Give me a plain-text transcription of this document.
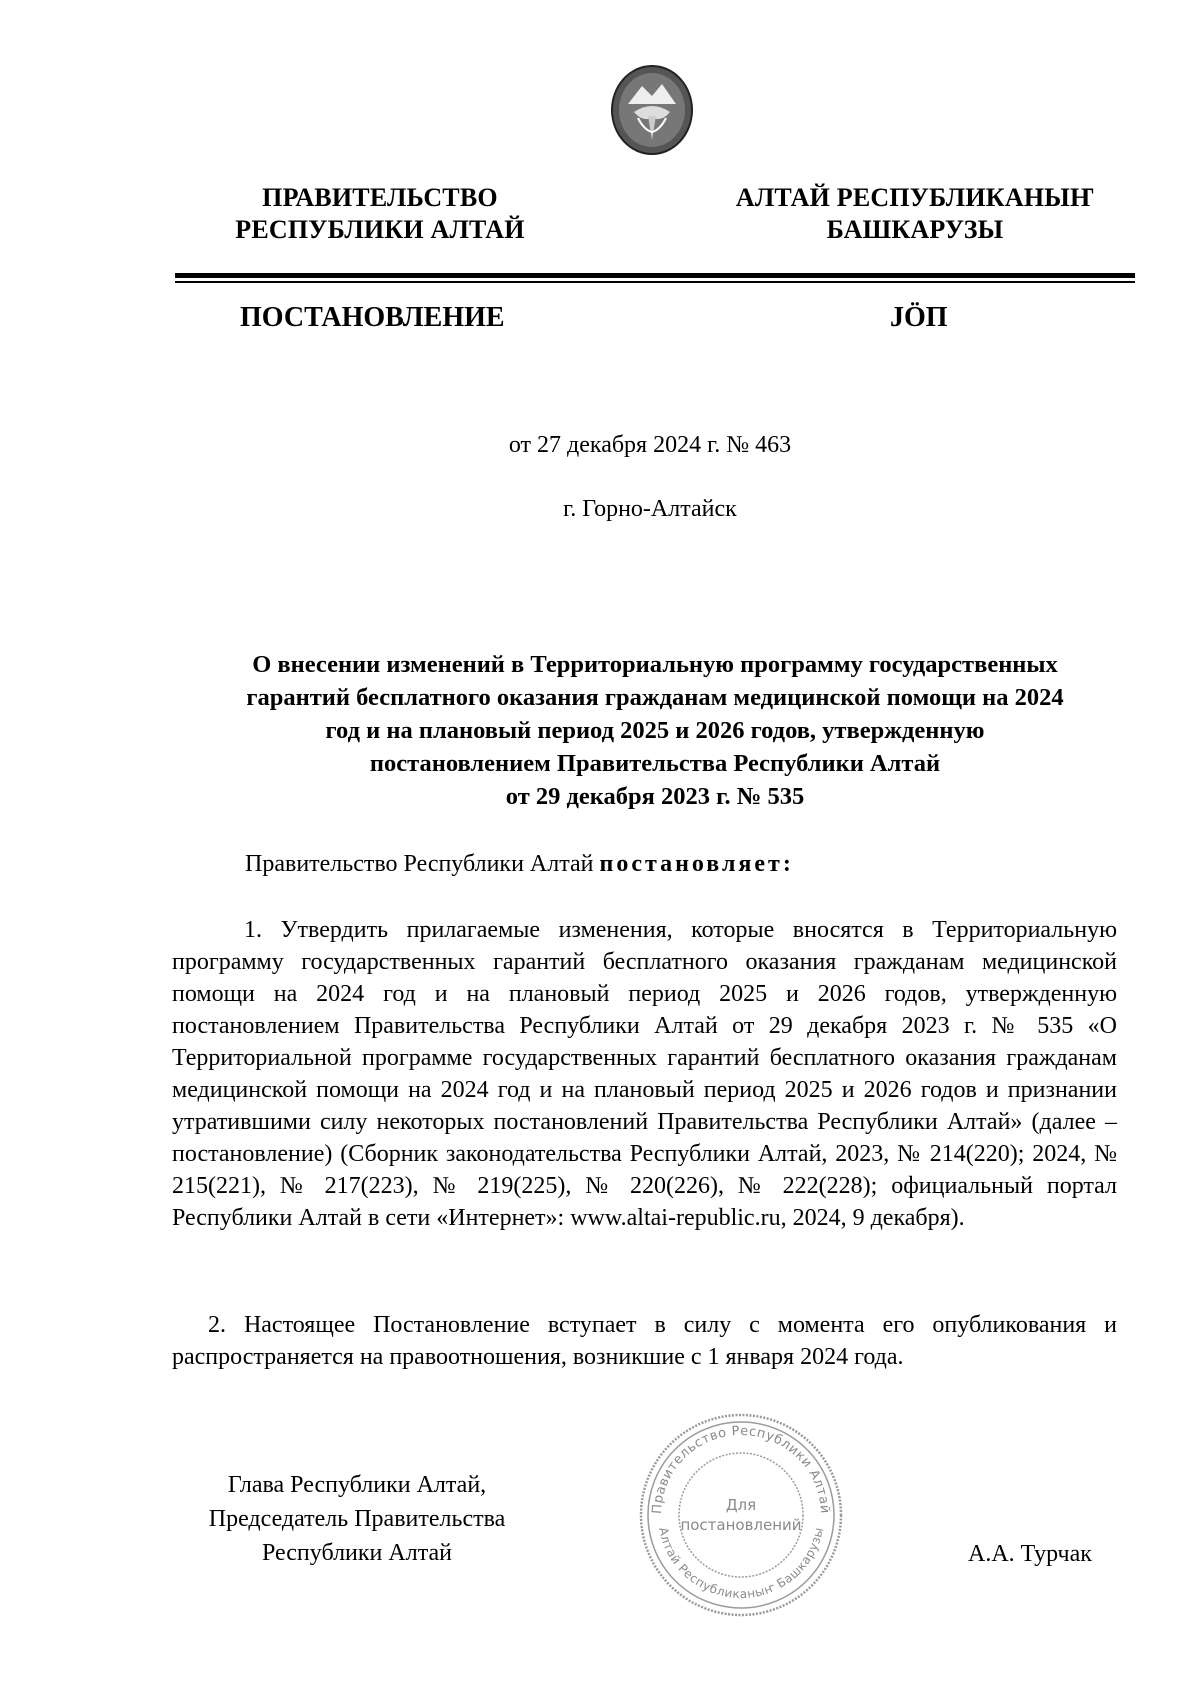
ПРАВИТЕЛЬСТВО
РЕСПУБЛИКИ АЛТАЙ
АЛТАЙ РЕСПУБЛИКАНЫҤ
БАШКАРУЗЫ
ПОСТАНОВЛЕНИЕ	JӦП
от 27 декабря 2024 г. № 463
г. Горно-Алтайск
О внесении изменений в Территориальную программу государственных
гарантий бесплатного оказания гражданам медицинской помощи на 2024
год и на плановый период 2025 и 2026 годов, утвержденную
постановлением Правительства Республики Алтай
от 29 декабря 2023 г. № 535
Правительство Республики Алтай постановляет:
1. Утвердить прилагаемые изменения, которые вносятся в Территориальную программу государственных гарантий бесплатного оказания гражданам медицинской помощи на 2024 год и на плановый период 2025 и 2026 годов, утвержденную постановлением Правительства Республики Алтай от 29 декабря 2023 г. № 535 «О Территориальной программе государственных гарантий бесплатного оказания гражданам медицинской помощи на 2024 год и на плановый период 2025 и 2026 годов и признании утратившими силу некоторых постановлений Правительства Республики Алтай» (далее – постановление) (Сборник законодательства Республики Алтай, 2023, № 214(220); 2024, № 215(221), № 217(223), № 219(225), № 220(226), № 222(228); официальный портал Республики Алтай в сети «Интернет»: www.altai-republic.ru, 2024, 9 декабря).
2. Настоящее Постановление вступает в силу с момента его опубликования и распространяется на правоотношения, возникшие с 1 января 2024 года.
Глава Республики Алтай,
Председатель Правительства
Республики Алтай
Правительство Республики Алтай
Алтай Республиканыҥ Башкарузы
Для
постановлений
А.А. Турчак
